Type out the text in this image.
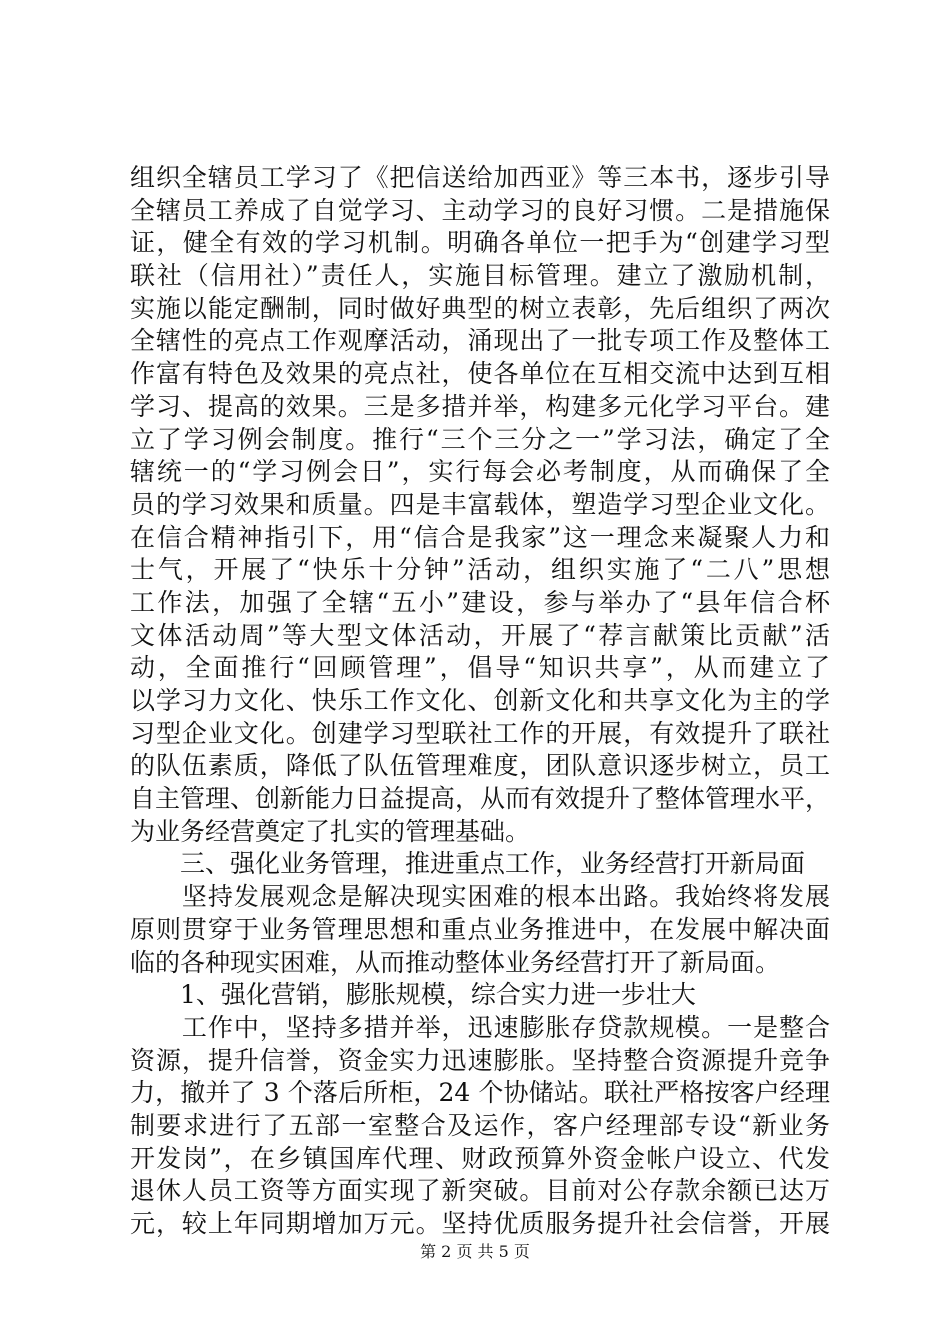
组织全辖员工学习了《把信送给加西亚》等三本书，逐步引导
全辖员工养成了自觉学习、主动学习的良好习惯。二是措施保
证，健全有效的学习机制。明确各单位一把手为“创建学习型
联社（信用社）”责任人，实施目标管理。建立了激励机制，
实施以能定酬制，同时做好典型的树立表彰，先后组织了两次
全辖性的亮点工作观摩活动，涌现出了一批专项工作及整体工
作富有特色及效果的亮点社，使各单位在互相交流中达到互相
学习、提高的效果。三是多措并举，构建多元化学习平台。建
立了学习例会制度。推行“三个三分之一”学习法，确定了全
辖统一的“学习例会日”，实行每会必考制度，从而确保了全
员的学习效果和质量。四是丰富载体，塑造学习型企业文化。
在信合精神指引下，用“信合是我家”这一理念来凝聚人力和
士气，开展了“快乐十分钟”活动，组织实施了“二八”思想
工作法，加强了全辖“五小”建设，参与举办了“县年信合杯
文体活动周”等大型文体活动，开展了“荐言献策比贡献”活
动，全面推行“回顾管理”，倡导“知识共享”，从而建立了
以学习力文化、快乐工作文化、创新文化和共享文化为主的学
习型企业文化。创建学习型联社工作的开展，有效提升了联社
的队伍素质，降低了队伍管理难度，团队意识逐步树立，员工
自主管理、创新能力日益提高，从而有效提升了整体管理水平，
为业务经营奠定了扎实的管理基础。
　　三、强化业务管理，推进重点工作，业务经营打开新局面
　　坚持发展观念是解决现实困难的根本出路。我始终将发展
原则贯穿于业务管理思想和重点业务推进中，在发展中解决面
临的各种现实困难，从而推动整体业务经营打开了新局面。
　　1、强化营销，膨胀规模，综合实力进一步壮大
　　工作中，坚持多措并举，迅速膨胀存贷款规模。一是整合
资源，提升信誉，资金实力迅速膨胀。坚持整合资源提升竞争
力，撤并了 3 个落后所柜，24 个协储站。联社严格按客户经理
制要求进行了五部一室整合及运作，客户经理部专设“新业务
开发岗”，在乡镇国库代理、财政预算外资金帐户设立、代发
退休人员工资等方面实现了新突破。目前对公存款余额已达万
元，较上年同期增加万元。坚持优质服务提升社会信誉，开展
第 2 页 共 5 页
